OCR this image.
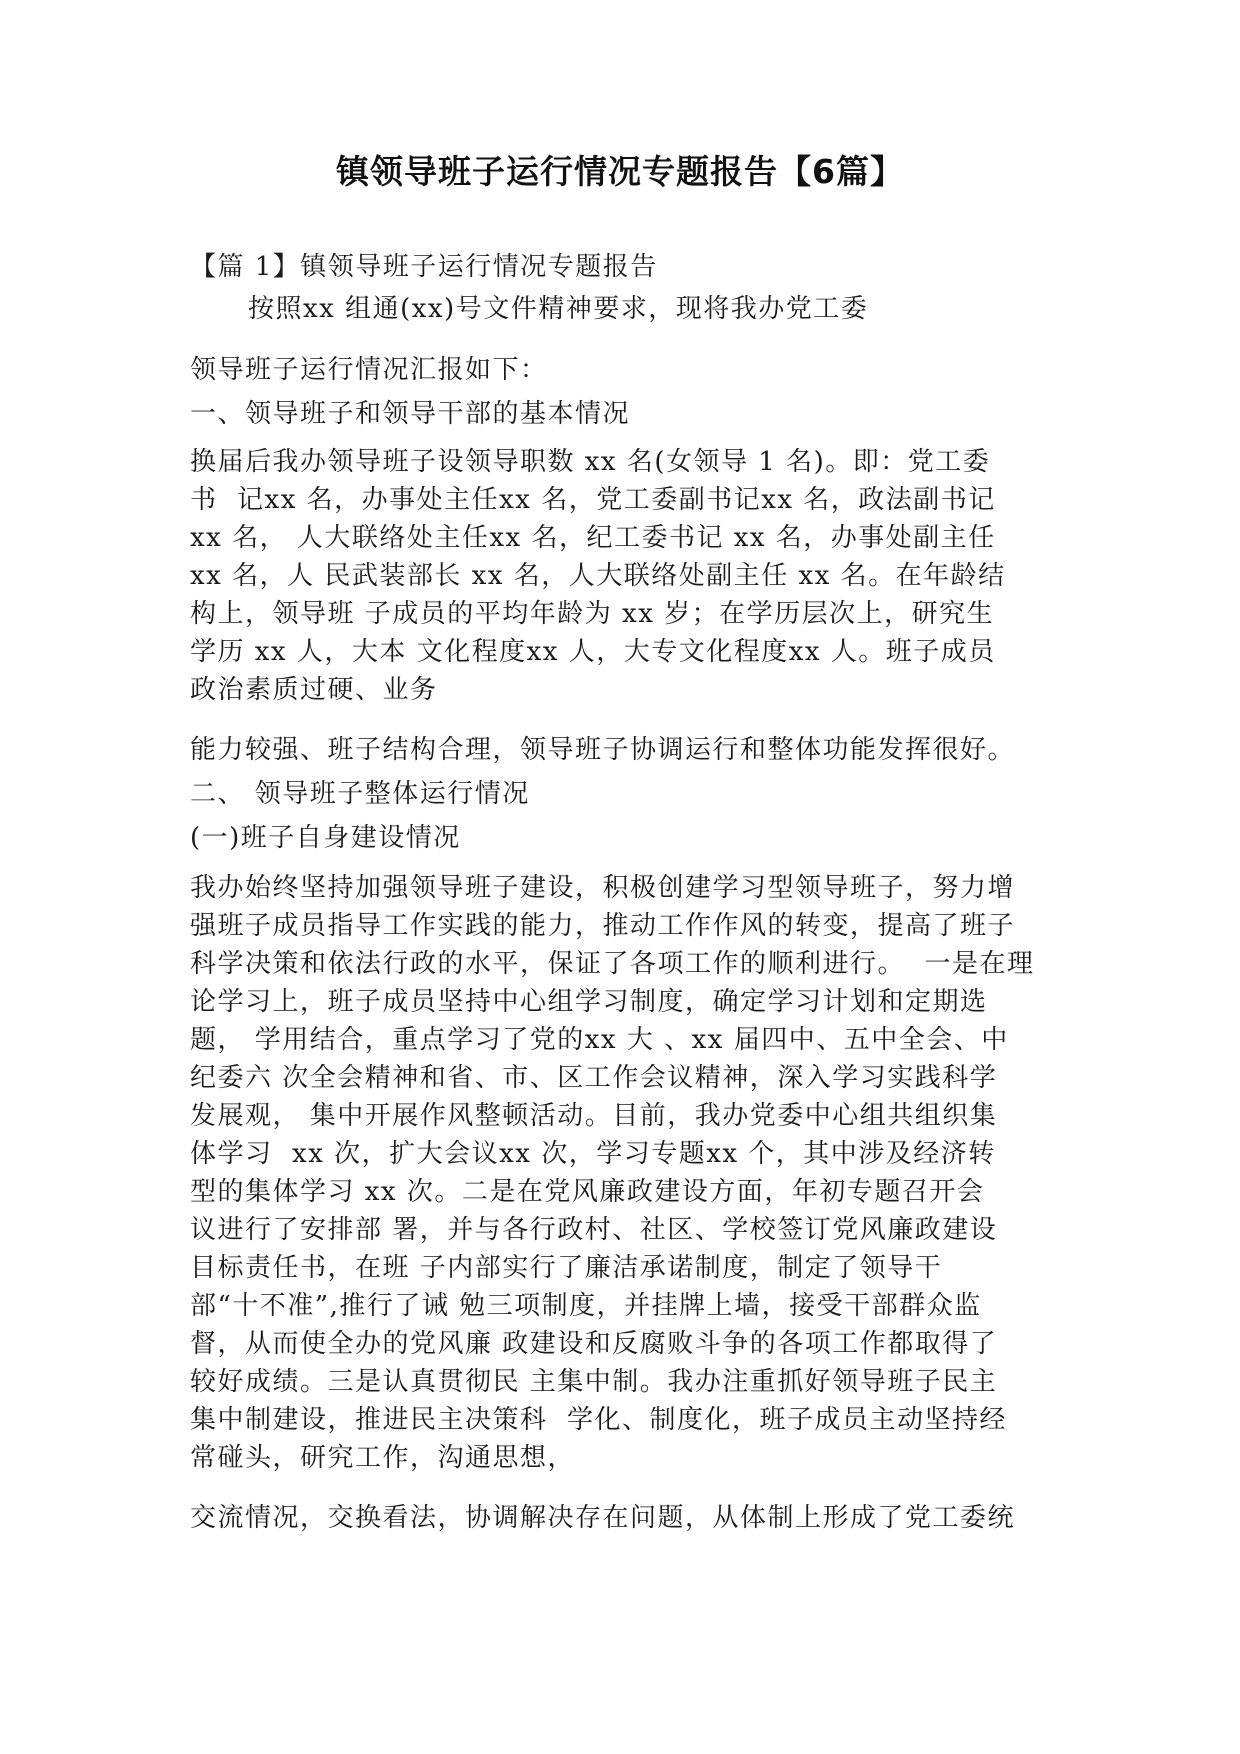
镇领导班子运行情况专题报告【6篇】
【篇 1】镇领导班子运行情况专题报告
按照xx 组通(xx)号文件精神要求，现将我办党工委
领导班子运行情况汇报如下：
一、领导班子和领导干部的基本情况
换届后我办领导班子设领导职数 xx 名(女领导 1 名)。即：党工委
书  记xx 名，办事处主任xx 名，党工委副书记xx 名，政法副书记
xx 名， 人大联络处主任xx 名，纪工委书记 xx 名，办事处副主任
xx 名，人 民武装部长 xx 名，人大联络处副主任 xx 名。在年龄结
构上，领导班 子成员的平均年龄为 xx 岁；在学历层次上，研究生
学历 xx 人，大本 文化程度xx 人，大专文化程度xx 人。班子成员
政治素质过硬、业务
能力较强、班子结构合理，领导班子协调运行和整体功能发挥很好。
二、 领导班子整体运行情况
(一)班子自身建设情况
我办始终坚持加强领导班子建设，积极创建学习型领导班子，努力增
强班子成员指导工作实践的能力，推动工作作风的转变，提高了班子
科学决策和依法行政的水平，保证了各项工作的顺利进行。  一是在理
论学习上，班子成员坚持中心组学习制度，确定学习计划和定期选
题， 学用结合，重点学习了党的xx 大 、xx 届四中、五中全会、中
纪委六 次全会精神和省、市、区工作会议精神，深入学习实践科学
发展观， 集中开展作风整顿活动。目前，我办党委中心组共组织集
体学习  xx 次，扩大会议xx 次，学习专题xx 个，其中涉及经济转
型的集体学习 xx 次。二是在党风廉政建设方面，年初专题召开会
议进行了安排部 署，并与各行政村、社区、学校签订党风廉政建设
目标责任书，在班 子内部实行了廉洁承诺制度，制定了领导干
部“十不准”,推行了诫 勉三项制度，并挂牌上墙，接受干部群众监
督，从而使全办的党风廉 政建设和反腐败斗争的各项工作都取得了
较好成绩。三是认真贯彻民 主集中制。我办注重抓好领导班子民主
集中制建设，推进民主决策科  学化、制度化，班子成员主动坚持经
常碰头，研究工作，沟通思想，
交流情况，交换看法，协调解决存在问题，从体制上形成了党工委统
